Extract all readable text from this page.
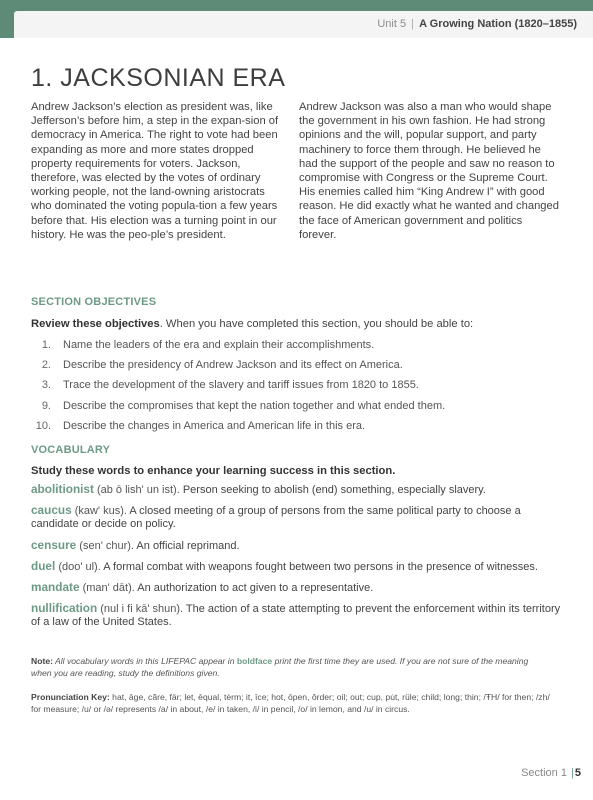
Unit 5 | A Growing Nation (1820–1855)
1. JACKSONIAN ERA

Andrew Jackson’s election as president was, like Jefferson’s before him, a step in the expan-sion of democracy in America. The right to vote had been expanding as more and more states dropped property requirements for voters. Jackson, therefore, was elected by the votes of ordinary working people, not the land-owning aristocrats who dominated the voting popula-tion a few years before that. His election was a turning point in our history. He was the peo-ple’s president.

Andrew Jackson was also a man who would shape the government in his own fashion. He had strong opinions and the will, popular support, and party machinery to force them through. He believed he had the support of the people and saw no reason to compromise with Congress or the Supreme Court. His enemies called him “King Andrew I” with good reason. He did exactly what he wanted and changed the face of American government and politics forever.

SECTION OBJECTIVES
Review these objectives. When you have completed this section, you should be able to:
1.	Name the leaders of the era and explain their accomplishments.
2.	Describe the presidency of Andrew Jackson and its effect on America.
3.	Trace the development of the slavery and tariff issues from 1820 to 1855.
9.	Describe the compromises that kept the nation together and what ended them.
10.	Describe the changes in America and American life in this era.
VOCABULARY
Study these words to enhance your learning success in this section.

abolitionist (ab ō lish' un ist). Person seeking to abolish (end) something, especially slavery.

caucus (kaw' kus). A closed meeting of a group of persons from the same political party to choose a candidate or decide on policy.

censure (sen' chur). An official reprimand.

duel (doo' ul). A formal combat with weapons fought between two persons in the presence of witnesses.

mandate (man' dāt). An authorization to act given to a representative.

nullification (nul i fi kā' shun). The action of a state attempting to prevent the enforcement within its territory of a law of the United States.

Note: All vocabulary words in this LIFEPAC appear in boldface print the first time they are used. If you are not sure of the meaning when you are reading, study the definitions given.

Pronunciation Key: hat, āge, cãre, fär; let, ēqual, tėrm; it, īce; hot, ōpen, ôrder; oil; out; cup, pu̇t, rüle; child; long; thin; /ŦH/ for then; /zh/ for measure; /u/ or /ə/ represents /a/ in about, /e/ in taken, /i/ in pencil, /o/ in lemon, and /u/ in circus.

Section 1 |5
